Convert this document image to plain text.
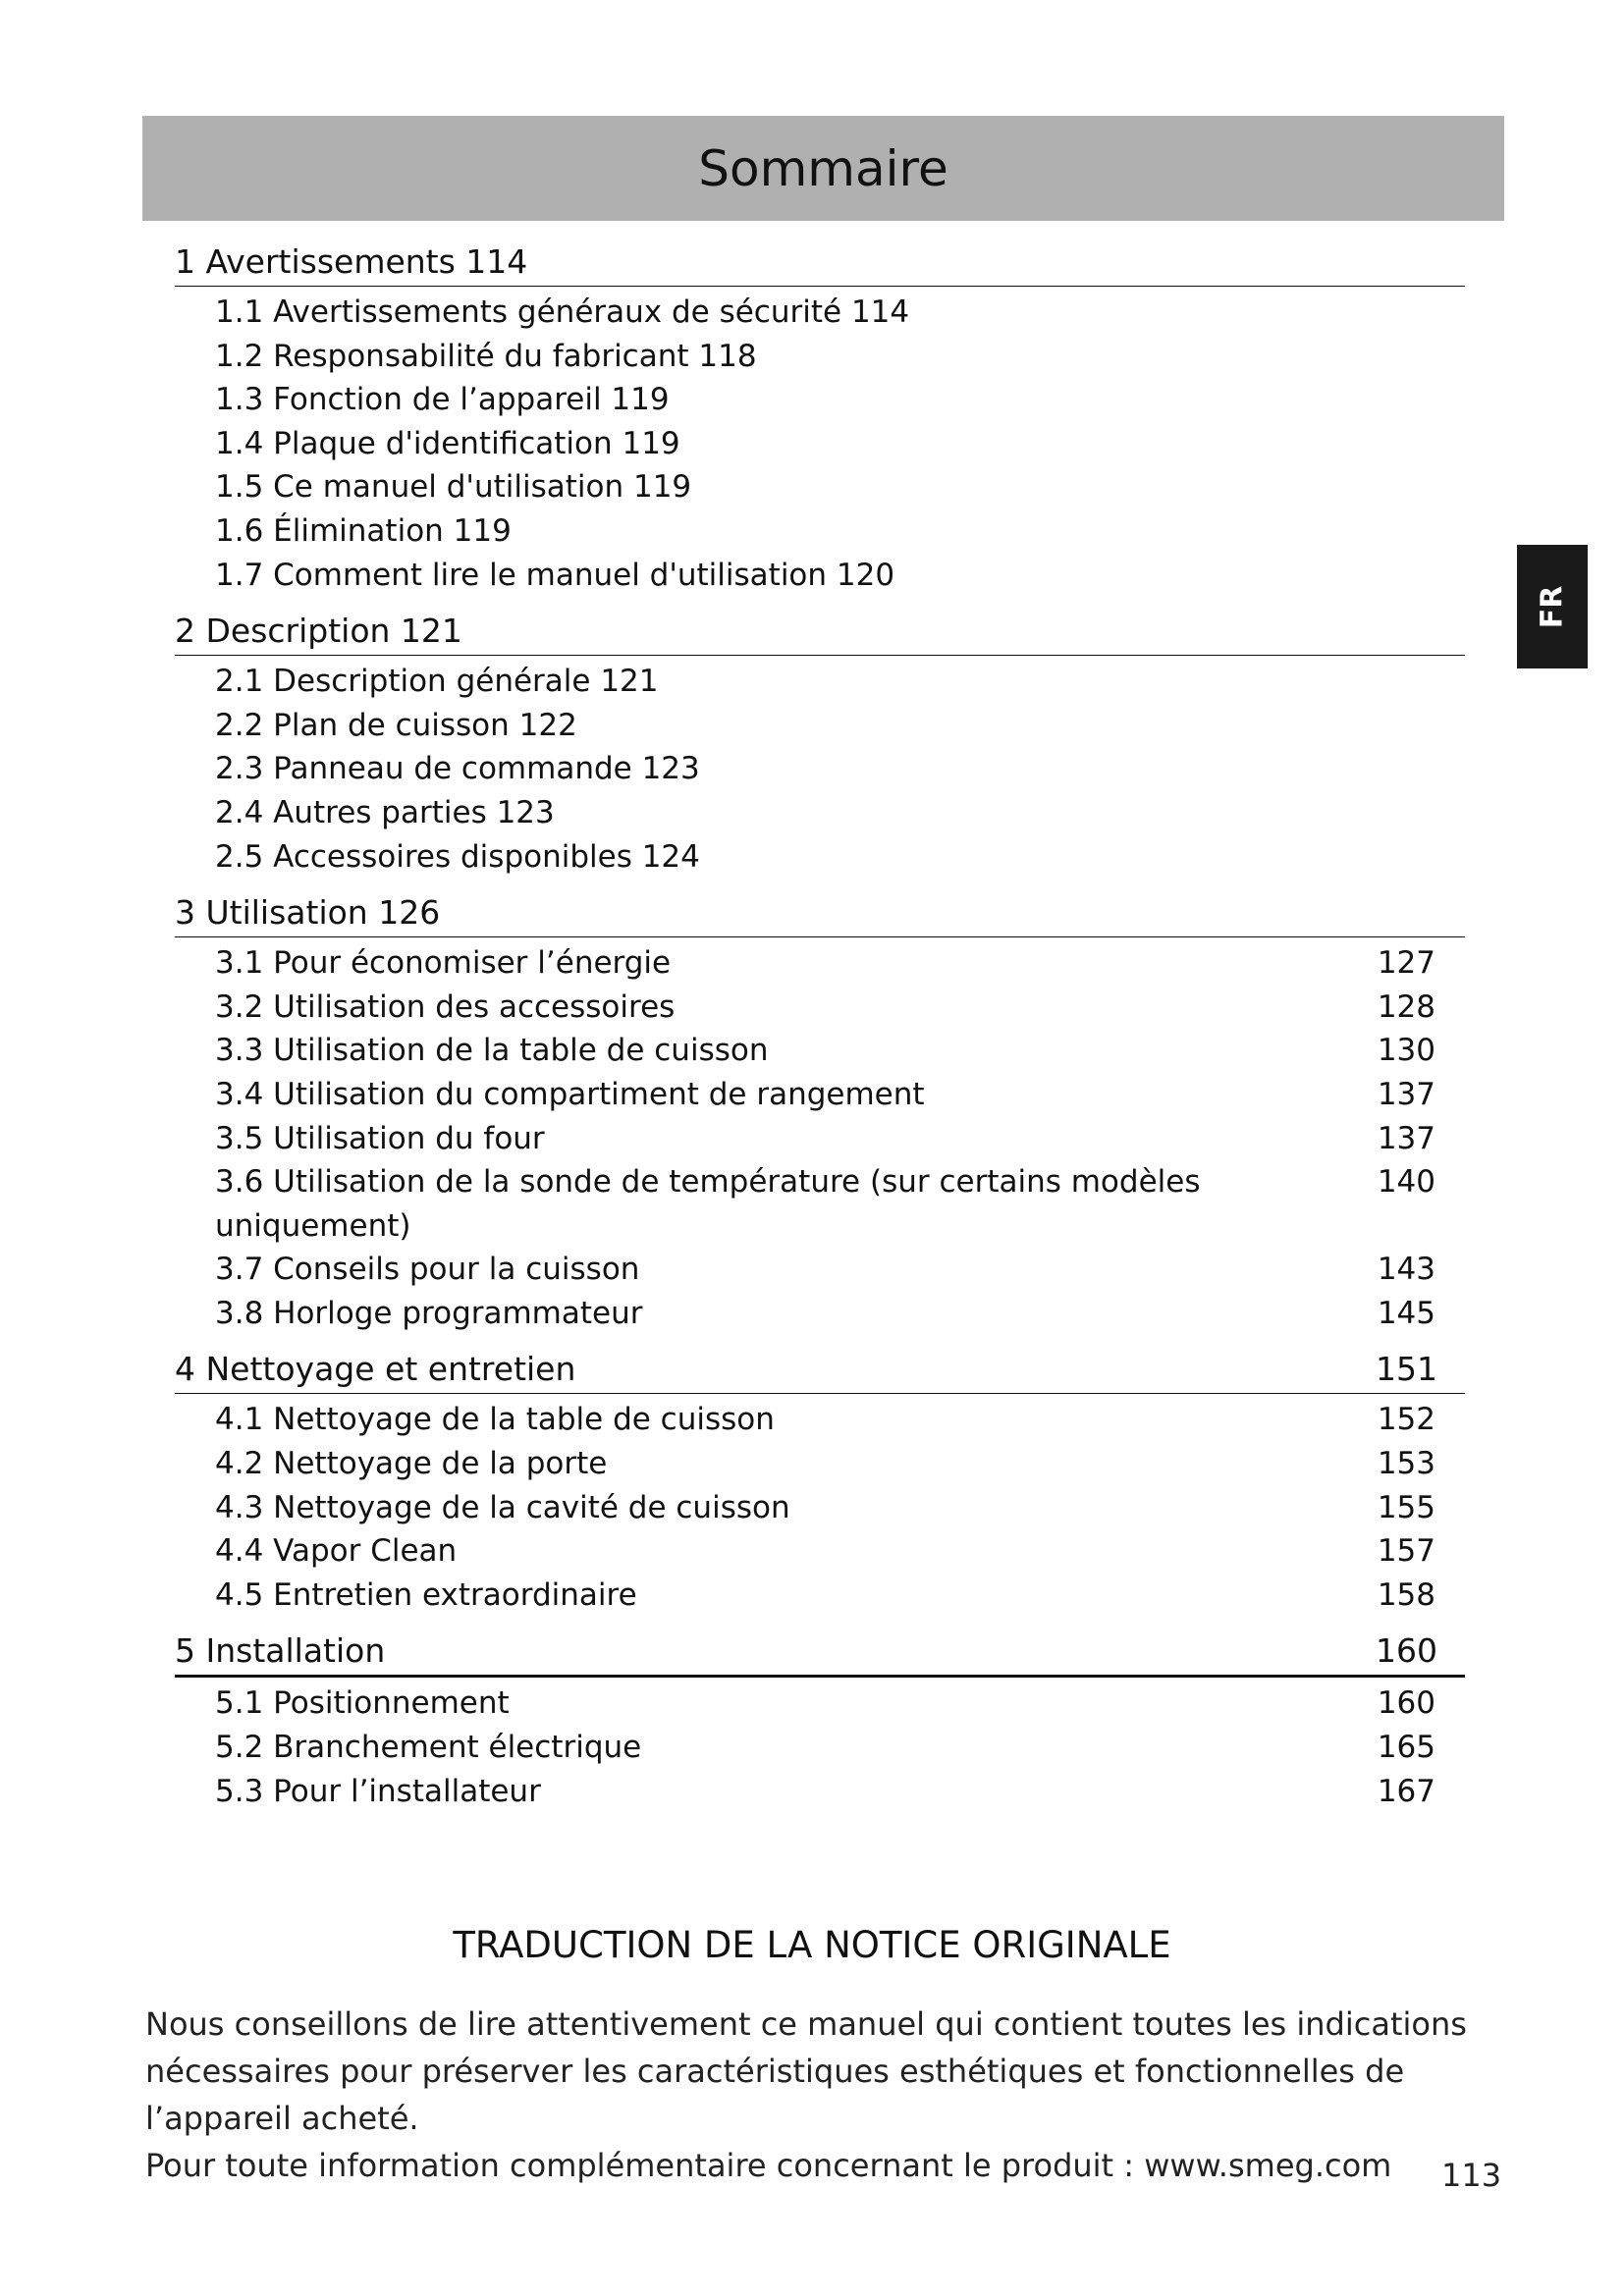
Sommaire
1 Avertissements 114
1.1 Avertissements généraux de sécurité 114
1.2 Responsabilité du fabricant 118
1.3 Fonction de l’appareil 119
1.4 Plaque d'identification 119
1.5 Ce manuel d'utilisation 119
1.6 Élimination 119
1.7 Comment lire le manuel d'utilisation 120
2 Description 121
2.1 Description générale 121
2.2 Plan de cuisson 122
2.3 Panneau de commande 123
2.4 Autres parties 123
2.5 Accessoires disponibles 124
3 Utilisation 126
3.1 Pour économiser l’énergie	127
3.2 Utilisation des accessoires	128
3.3 Utilisation de la table de cuisson	130
3.4 Utilisation du compartiment de rangement	137
3.5 Utilisation du four	137
3.6 Utilisation de la sonde de température (sur certains modèles uniquement)
140
3.7 Conseils pour la cuisson	143
3.8 Horloge programmateur	145
4 Nettoyage et entretien	151
4.1 Nettoyage de la table de cuisson	152
4.2 Nettoyage de la porte	153
4.3 Nettoyage de la cavité de cuisson	155
4.4 Vapor Clean	157
4.5 Entretien extraordinaire	158
5 Installation	160
5.1 Positionnement	160
5.2 Branchement électrique	165
5.3 Pour l’installateur	167
FR
TRADUCTION DE LA NOTICE ORIGINALE

Nous conseillons de lire attentivement ce manuel qui contient toutes les indications nécessaires pour préserver les caractéristiques esthétiques et fonctionnelles de l’appareil acheté.

Pour toute information complémentaire concernant le produit : www.smeg.com	113
